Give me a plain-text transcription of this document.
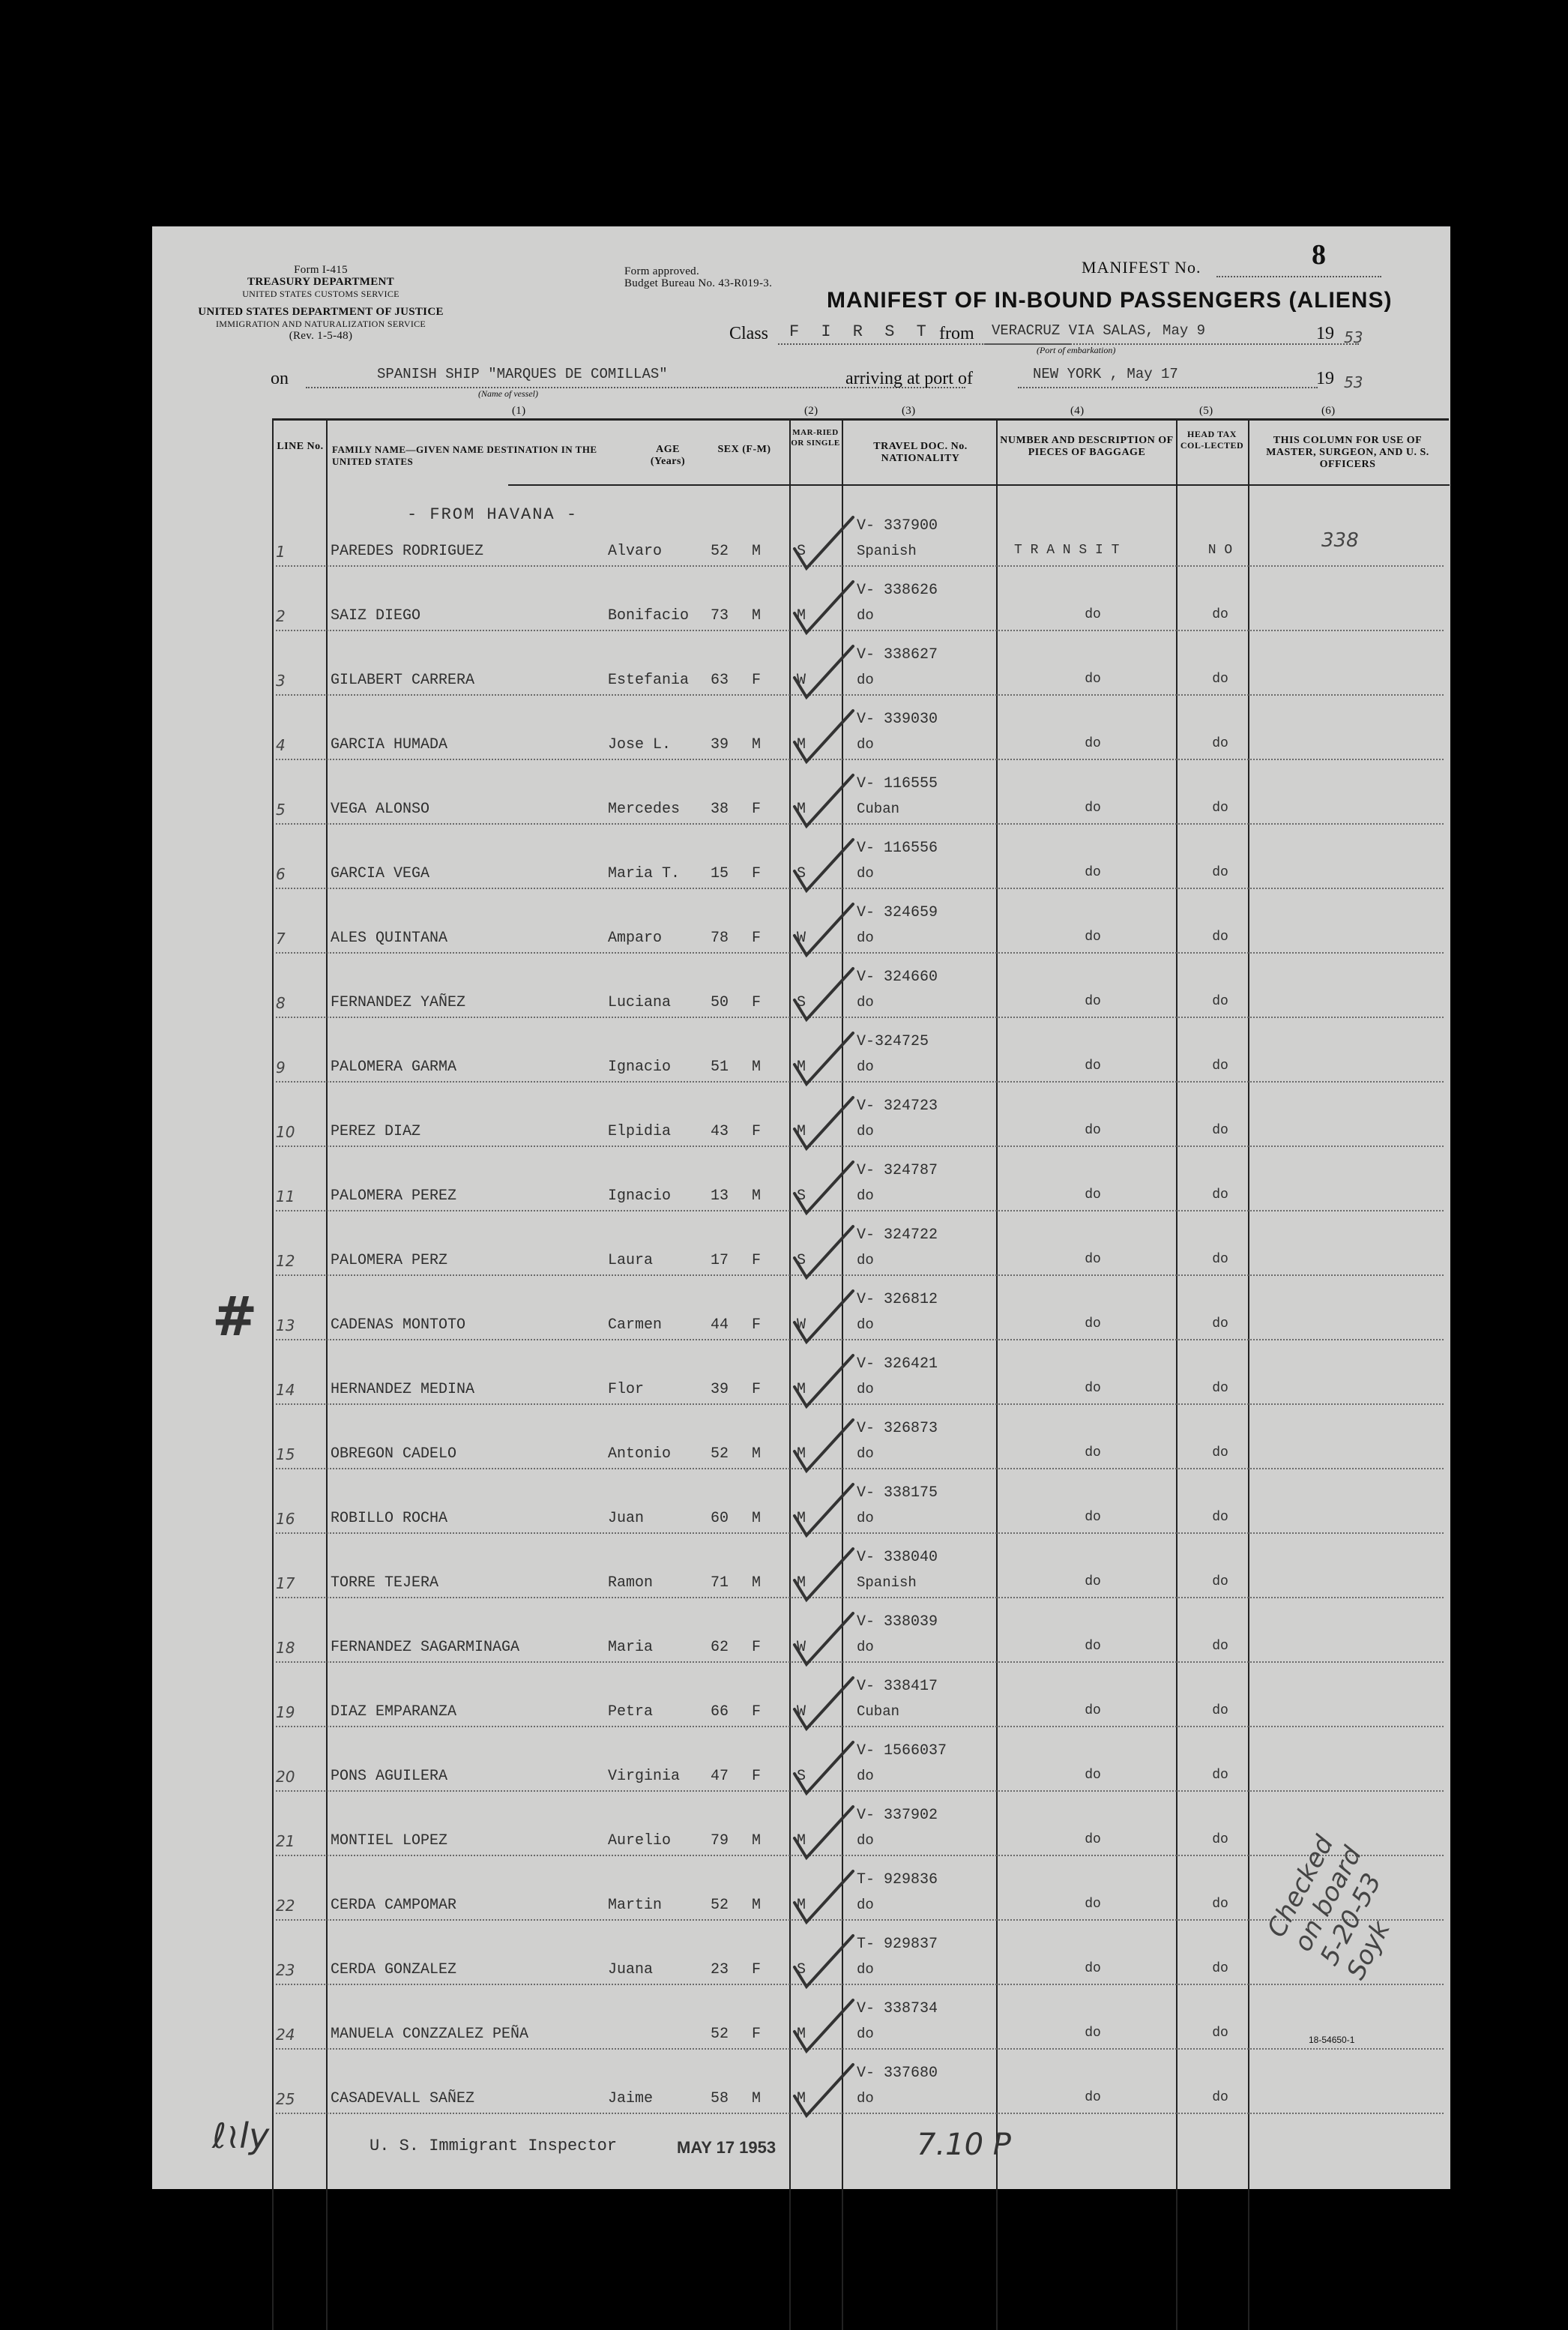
Form I-415
TREASURY DEPARTMENT
UNITED STATES CUSTOMS SERVICE
UNITED STATES DEPARTMENT OF JUSTICE
IMMIGRATION AND NATURALIZATION SERVICE
(Rev. 1-5-48)
Form approved.
Budget Bureau No. 43-R019-3.
MANIFEST No.	8
MANIFEST OF IN-BOUND PASSENGERS (ALIENS)
Class F I R S T from VERACRUZ VIA SALAS, May 9
(Port of embarkation)
19 53
on	SPANISH SHIP "MARQUES DE COMILLAS"
(Name of vessel)
arriving at port of	NEW YORK , May 17	19 53
(1)	(2)	(3)	(4)	(5)	(6)
LINE No. FAMILY NAME—GIVEN NAME DESTINATION IN THE UNITED STATES
AGE (Years)
SEX (F-M)
MAR-RIED OR SINGLE	TRAVEL DOC. No. NATIONALITY
NUMBER AND DESCRIPTION OF PIECES OF BAGGAGE
HEAD TAX COL-LECTED	THIS COLUMN FOR USE OF MASTER, SURGEON, AND U. S. OFFICERS
- FROM HAVANA -
1	PAREDES RODRIGUEZ	Alvaro	52 M S
V- 337900
Spanish	T R A N S I T	N O	338
2	SAIZ DIEGO	Bonifacio 73 M M
V- 338626
do	do	do
3	GILABERT CARRERA	Estefania 63 F W
V- 338627
do	do	do
4	GARCIA HUMADA	Jose L.	39 M M
V- 339030
do	do	do
5	VEGA ALONSO	Mercedes 38 F M
V- 116555
Cuban	do	do
6	GARCIA VEGA	Maria T. 15 F S
V- 116556
do	do	do
7	ALES QUINTANA	Amparo	78 F W
V- 324659
do	do	do
8	FERNANDEZ YAÑEZ	Luciana	50 F S
V- 324660
do	do	do
9	PALOMERA GARMA	Ignacio	51 M M
V-324725
do	do	do
10 PEREZ DIAZ	Elpidia	43 F M
V- 324723
do	do	do
11 PALOMERA PEREZ	Ignacio	13 M S
V- 324787
do	do	do
12 PALOMERA PERZ	Laura	17 F S
V- 324722
do	do	do
13 CADENAS MONTOTO	Carmen	44 F W
V- 326812
do	do	do
14 HERNANDEZ MEDINA	Flor	39 F M
V- 326421
do	do	do
15 OBREGON CADELO	Antonio	52 M M
V- 326873
do	do	do
16 ROBILLO ROCHA	Juan	60 M M
V- 338175
do	do	do
17 TORRE TEJERA	Ramon	71 M M
V- 338040
Spanish	do	do
18 FERNANDEZ SAGARMINAGA	Maria	62 F W
V- 338039
do	do	do
19 DIAZ EMPARANZA	Petra	66 F W
V- 338417
Cuban	do	do
20 PONS AGUILERA	Virginia 47 F S
V- 1566037
do	do	do
21 MONTIEL LOPEZ	Aurelio	79 M M
V- 337902
do	do	do
22 CERDA CAMPOMAR	Martin	52 M M
T- 929836
do	do	do
23 CERDA GONZALEZ	Juana	23 F S
T- 929837
do	do	do
24 MANUELA CONZZALEZ PEÑA	52 F M
V- 338734
do	do	do
25 CASADEVALL SAÑEZ	Jaime	58 M M
V- 337680
do	do	do
Checked on board 5-20-53 Soyk
#
18-54650-1
ℓ≀ly	U. S. Immigrant Inspector	MAY 17 1953	7.10 P
